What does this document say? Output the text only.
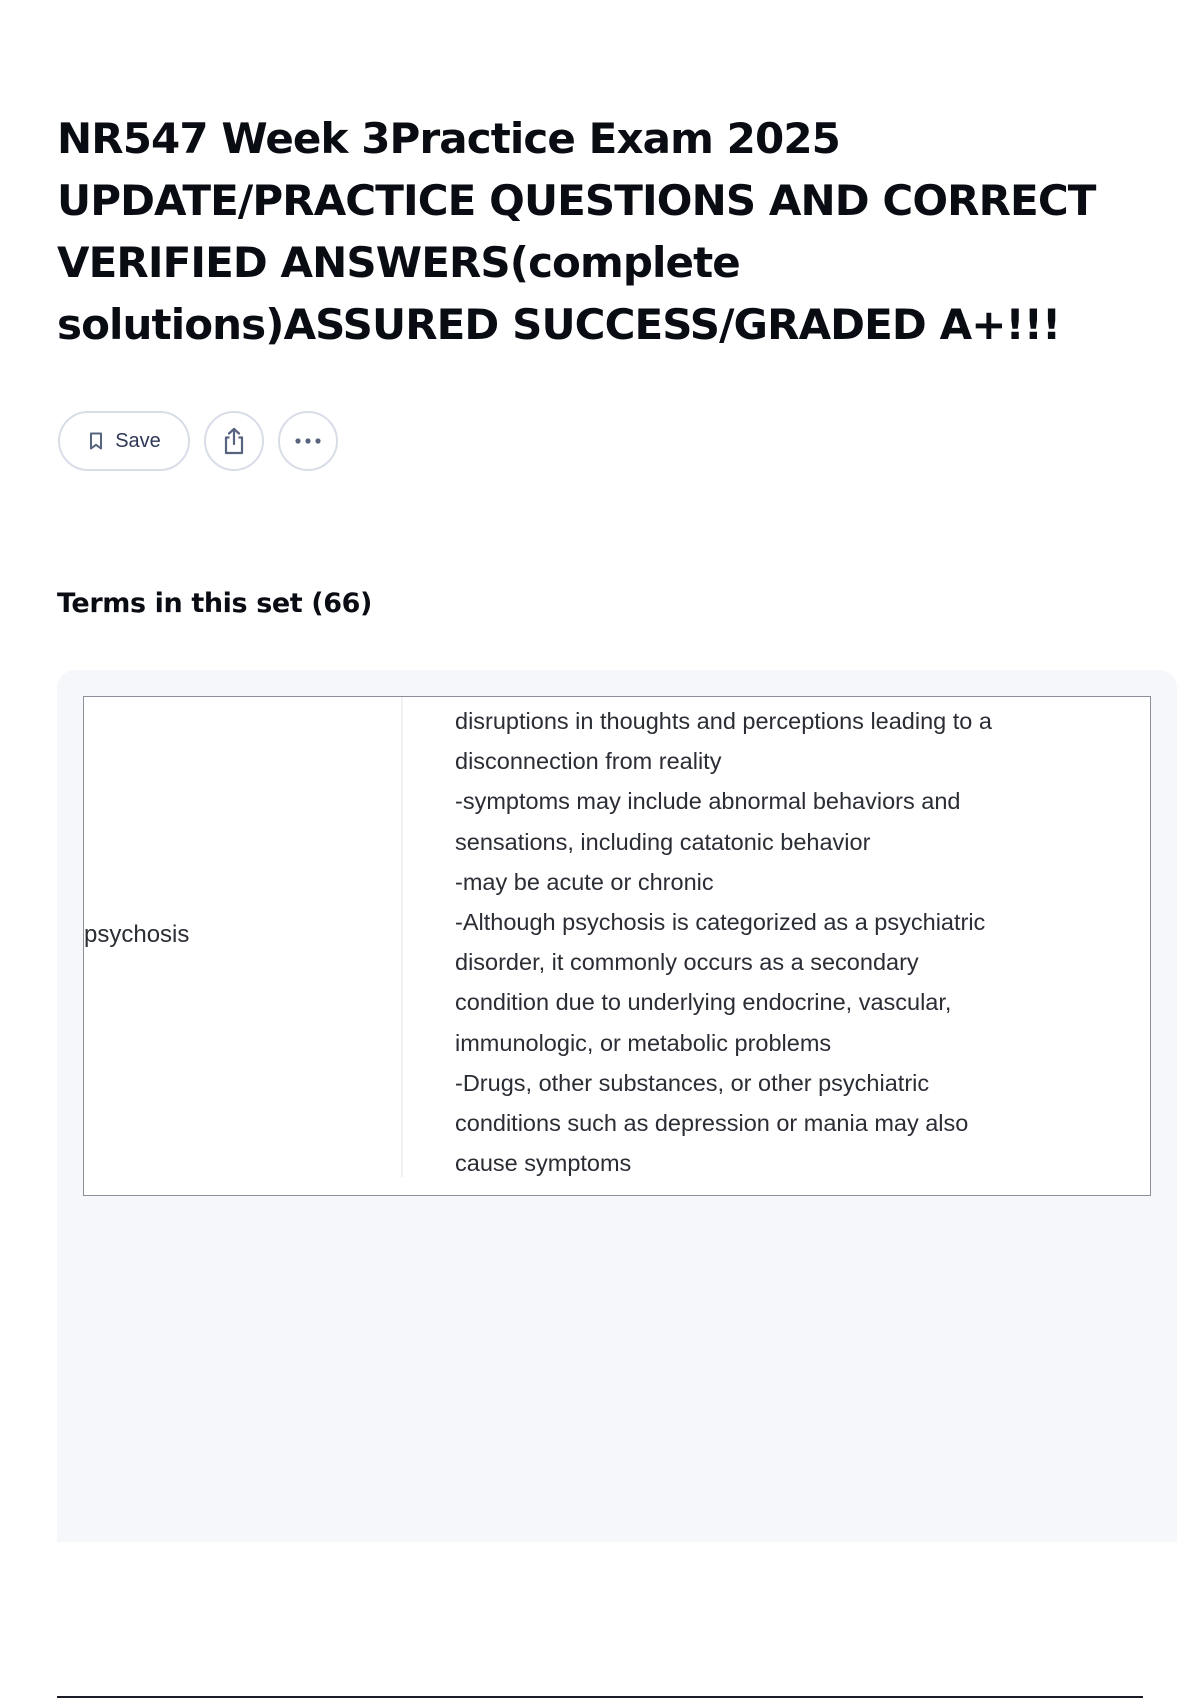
NR547 Week 3Practice Exam 2025 UPDATE/PRACTICE QUESTIONS AND CORRECT VERIFIED ANSWERS(complete solutions)ASSURED SUCCESS/GRADED A+!!!
Save
Terms in this set (66)
psychosis
disruptions in thoughts and perceptions leading to a
disconnection from reality
-symptoms may include abnormal behaviors and
sensations, including catatonic behavior
-may be acute or chronic
-Although psychosis is categorized as a psychiatric
disorder, it commonly occurs as a secondary
condition due to underlying endocrine, vascular,
immunologic, or metabolic problems
-Drugs, other substances, or other psychiatric
conditions such as depression or mania may also
cause symptoms
